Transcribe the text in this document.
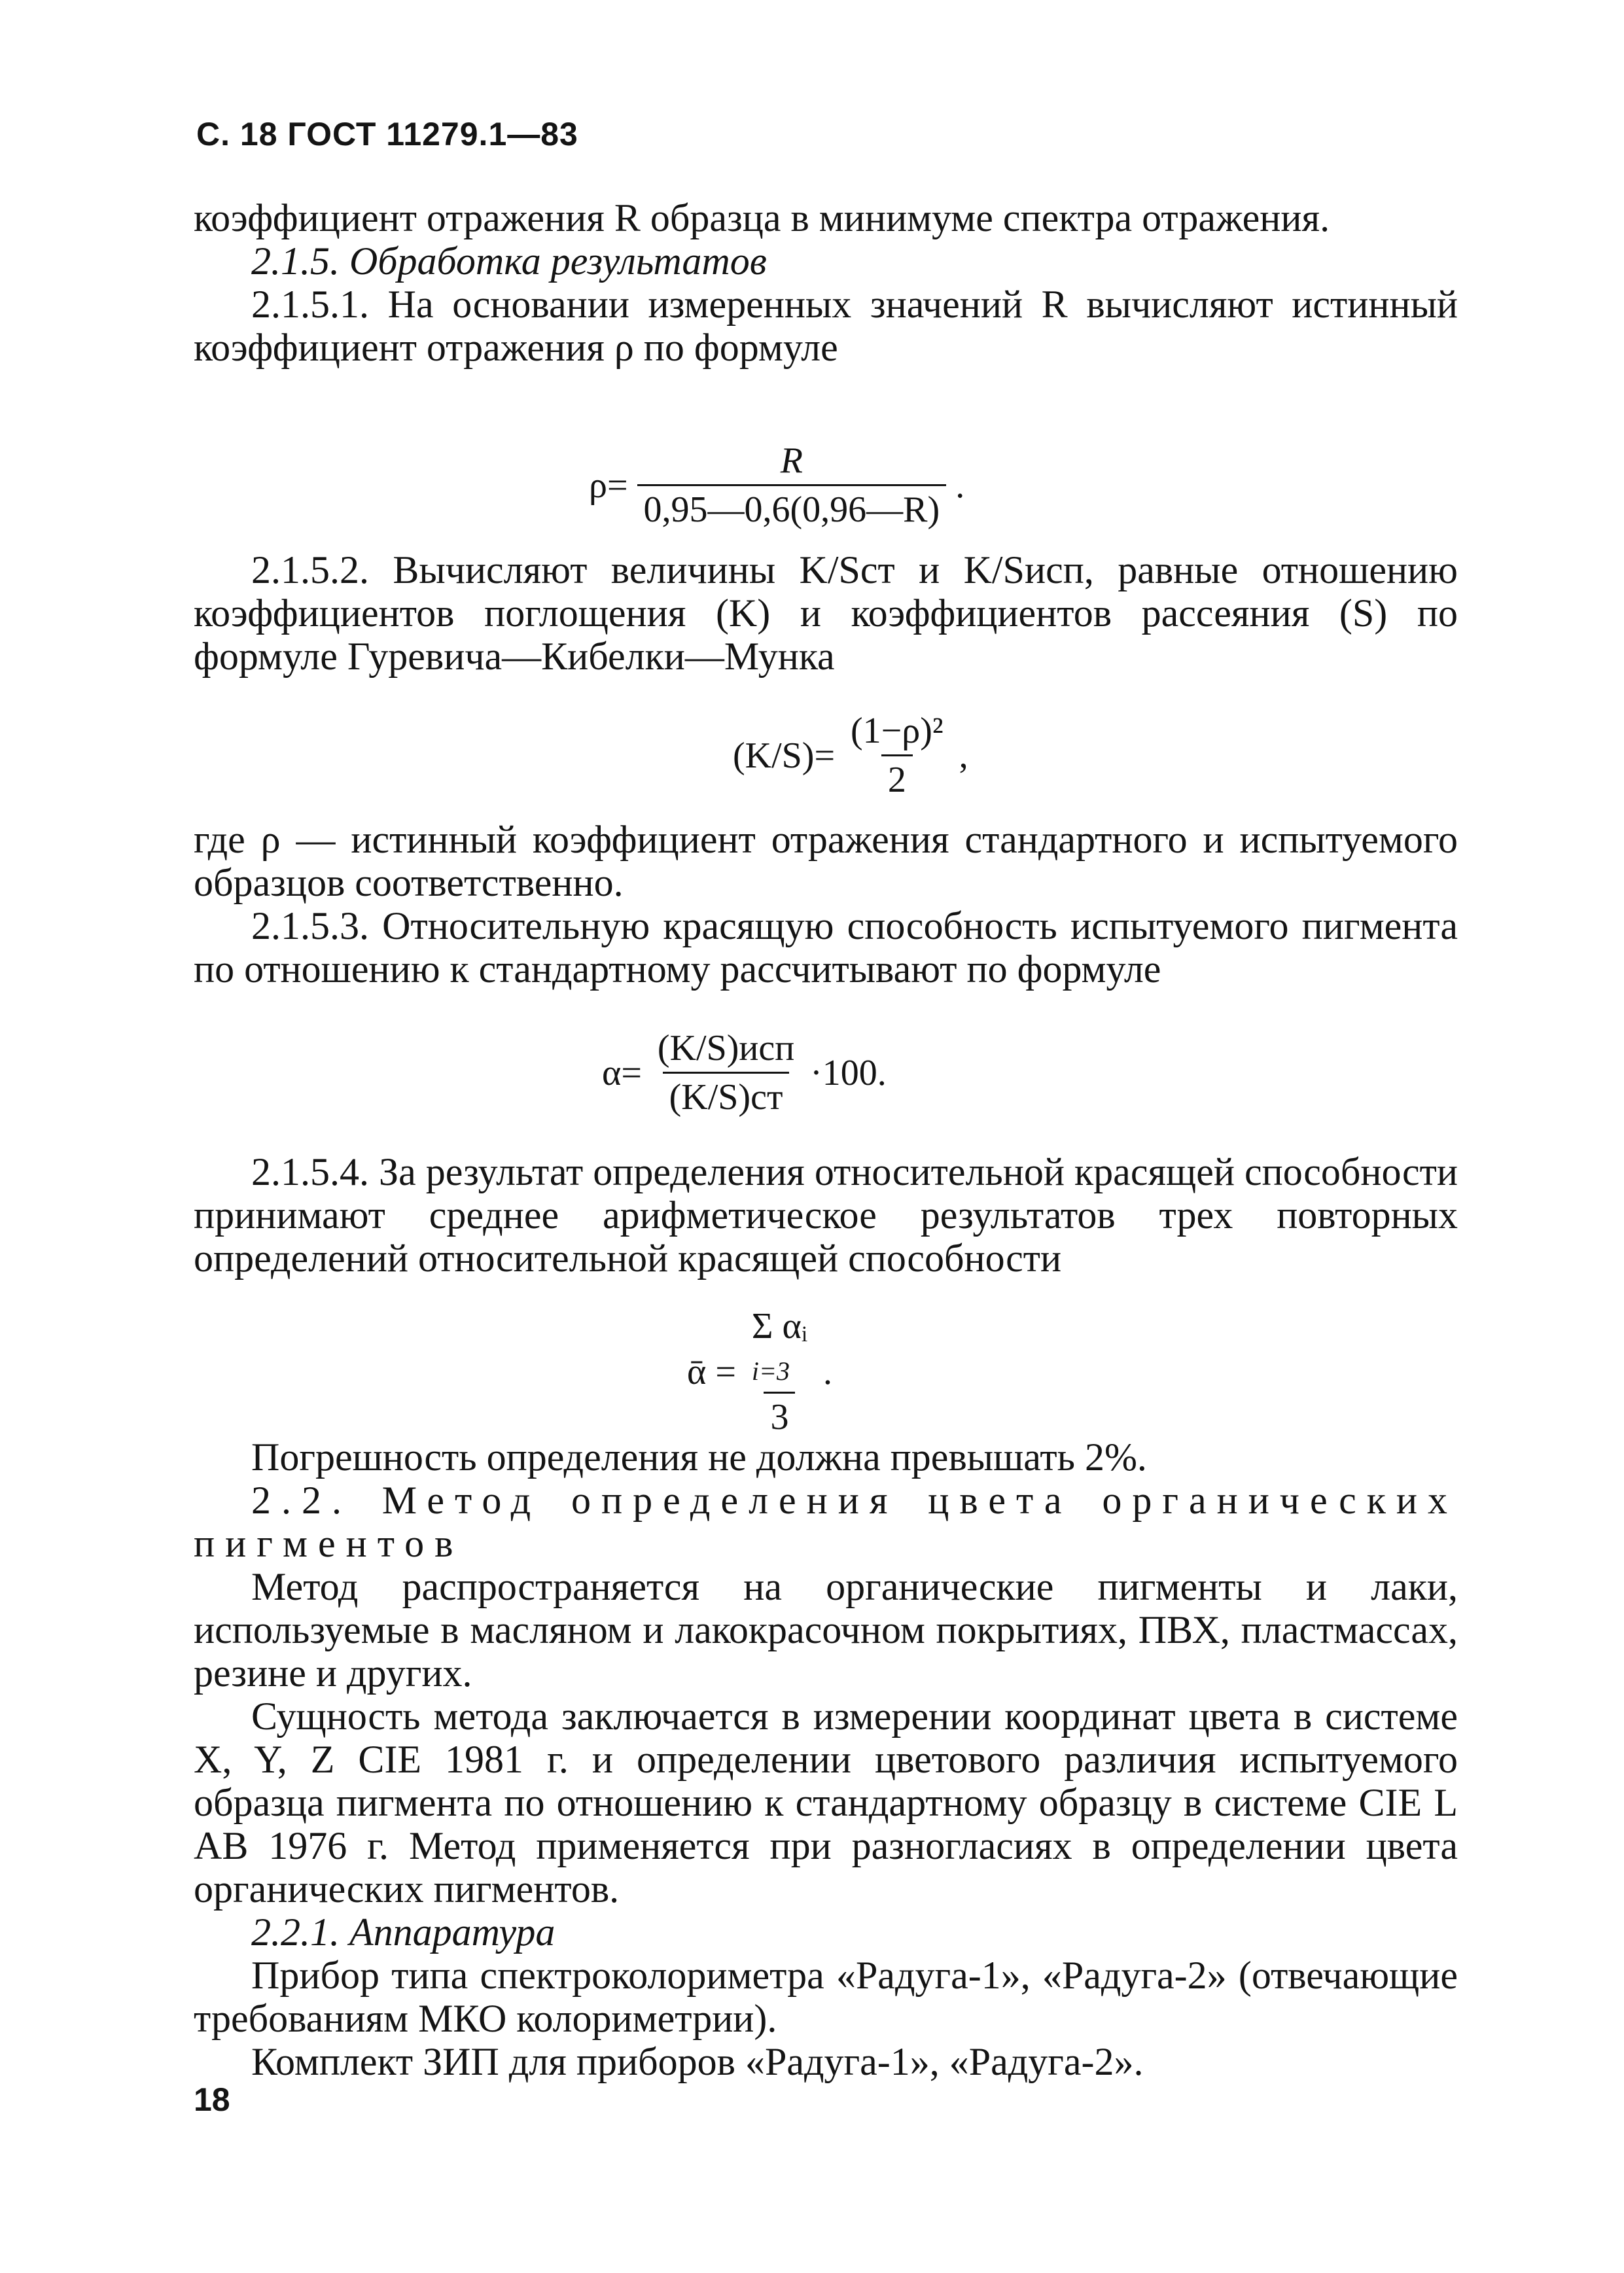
С. 18 ГОСТ 11279.1—83

коэффициент отражения R образца в минимуме спектра отражения.

2.1.5. Обработка результатов

2.1.5.1. На основании измеренных значений R вычисляют истинный коэффициент отражения ρ по формуле

$\rho= \frac{R}{0,95—0,6(0,96—R)}$ .

2.1.5.2. Вычисляют величины K/Sст и K/Sисп, равные отношению коэффициентов поглощения (K) и коэффициентов рассеяния (S) по формуле Гуревича—Кибелки—Мунка

$(K/S)= \frac{\text{(1−ρ)²}}{2}$ ,

где ρ — истинный коэффициент отражения стандартного и испытуемого образцов соответственно.

2.1.5.3. Относительную красящую способность испытуемого пигмента по отношению к стандартному рассчитывают по формуле

$\alpha= \frac{\text{(K/S)исп}}{(K/S)ст} \cdot 100$.

2.1.5.4. За результат определения относительной красящей способности принимают среднее арифметическое результатов трех повторных определений относительной красящей способности

ᾱ =
Σ αᵢ
i=3
3
.

Погрешность определения не должна превышать 2%.

2.2. Метод определения цвета органических пигментов

Метод распространяется на органические пигменты и лаки, используемые в масляном и лакокрасочном покрытиях, ПВХ, пластмассах, резине и других.

Сущность метода заключается в измерении координат цвета в системе X, Y, Z CIE 1981 г. и определении цветового различия испытуемого образца пигмента по отношению к стандартному образцу в системе CIE L AB 1976 г. Метод применяется при разногласиях в определении цвета органических пигментов.

2.2.1. Аппаратура

Прибор типа спектроколориметра «Радуга-1», «Радуга-2» (отвечающие требованиям МКО колориметрии).

Комплект ЗИП для приборов «Радуга-1», «Радуга-2».

18
